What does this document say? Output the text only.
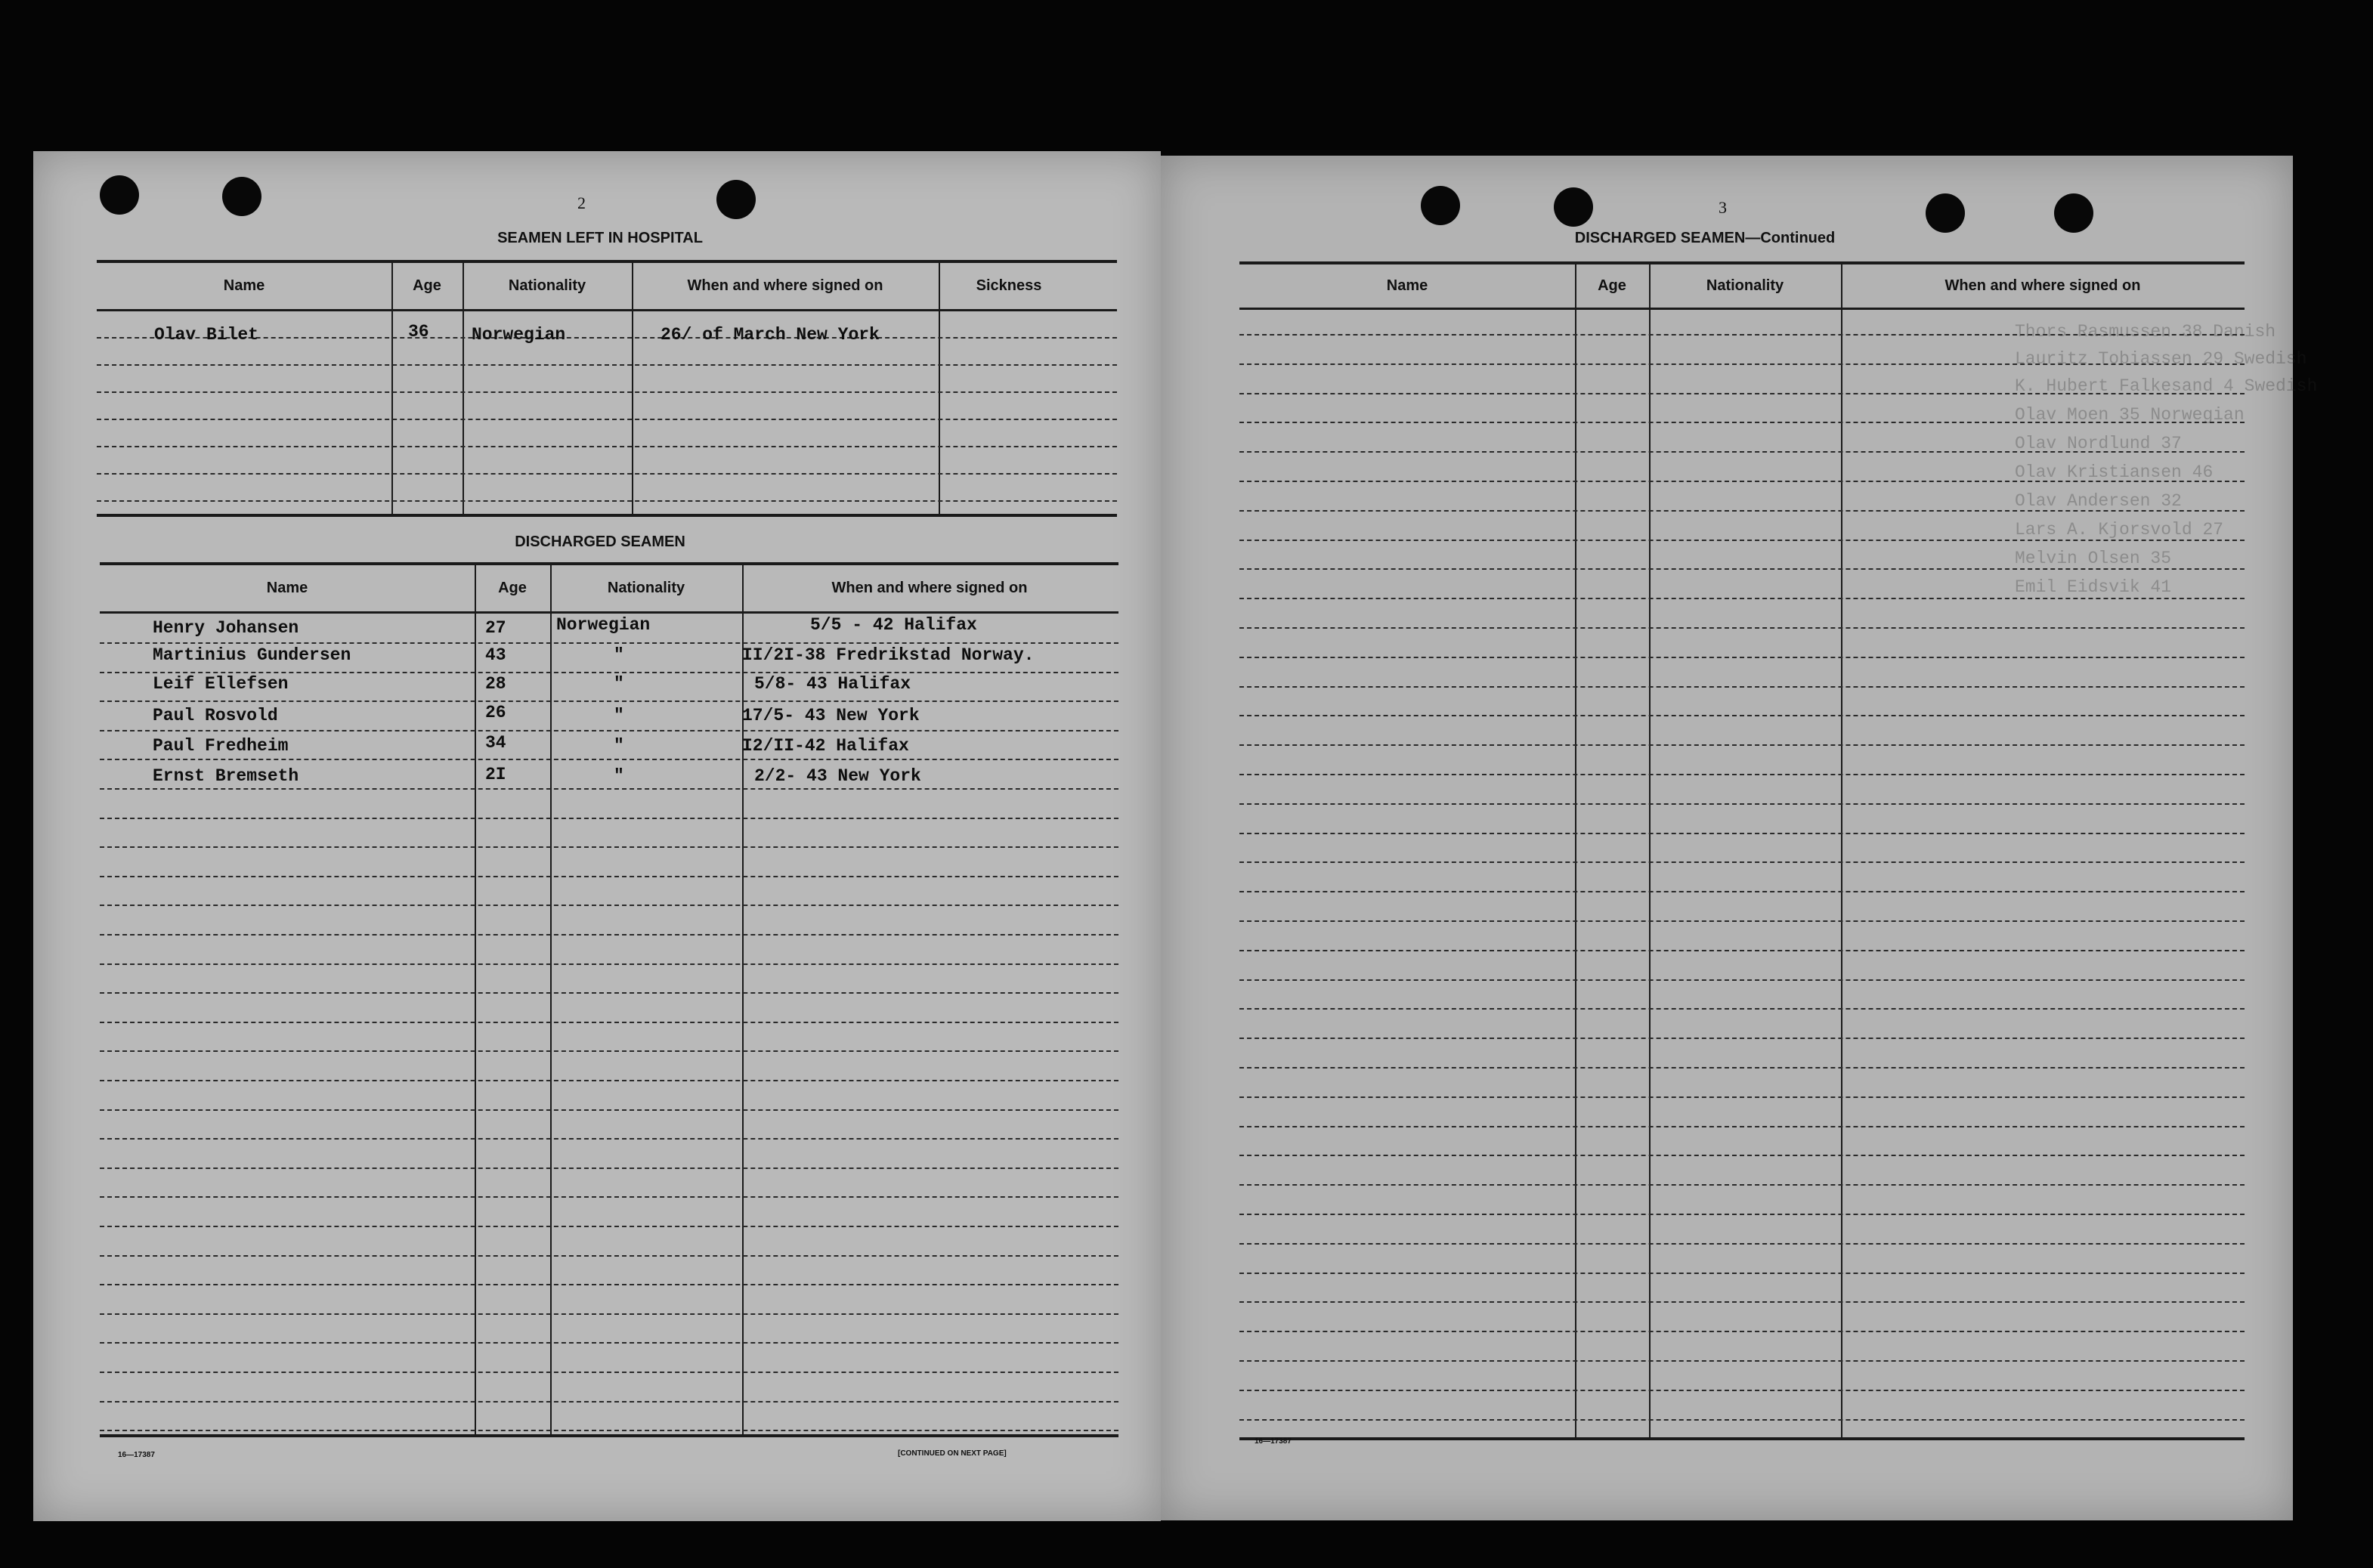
2
SEAMEN LEFT IN HOSPITAL
Name	Age	Nationality	When and where signed on	Sickness
Olav Bilet	36 Norwegian	26/ of March New York
DISCHARGED SEAMEN
Name	Age	Nationality	When and where signed on
Henry Johansen	27	Norwegian	5/5 - 42 Halifax
Martinius Gundersen	43	"	II/2I-38 Fredrikstad Norway.
Leif Ellefsen	28	"	5/8- 43 Halifax
Paul Rosvold	26	"	17/5- 43 New York
Paul Fredheim	34	"	I2/II-42 Halifax
Ernst Bremseth	2I	"	2/2- 43 New York
16—17387	[CONTINUED ON NEXT PAGE]
3
DISCHARGED SEAMEN—Continued
Thors Rasmussen 38 Danish
Lauritz Tobiassen 29 Swedish
K. Hubert Falkesand 4 Swedish
Olav Moen 35 Norwegian
Olav Nordlund 37
Olav Kristiansen 46
Olav Andersen 32
Lars A. Kjorsvold 27
Melvin Olsen 35
Emil Eidsvik 41
Name	Age	Nationality	When and where signed on
16—17387
